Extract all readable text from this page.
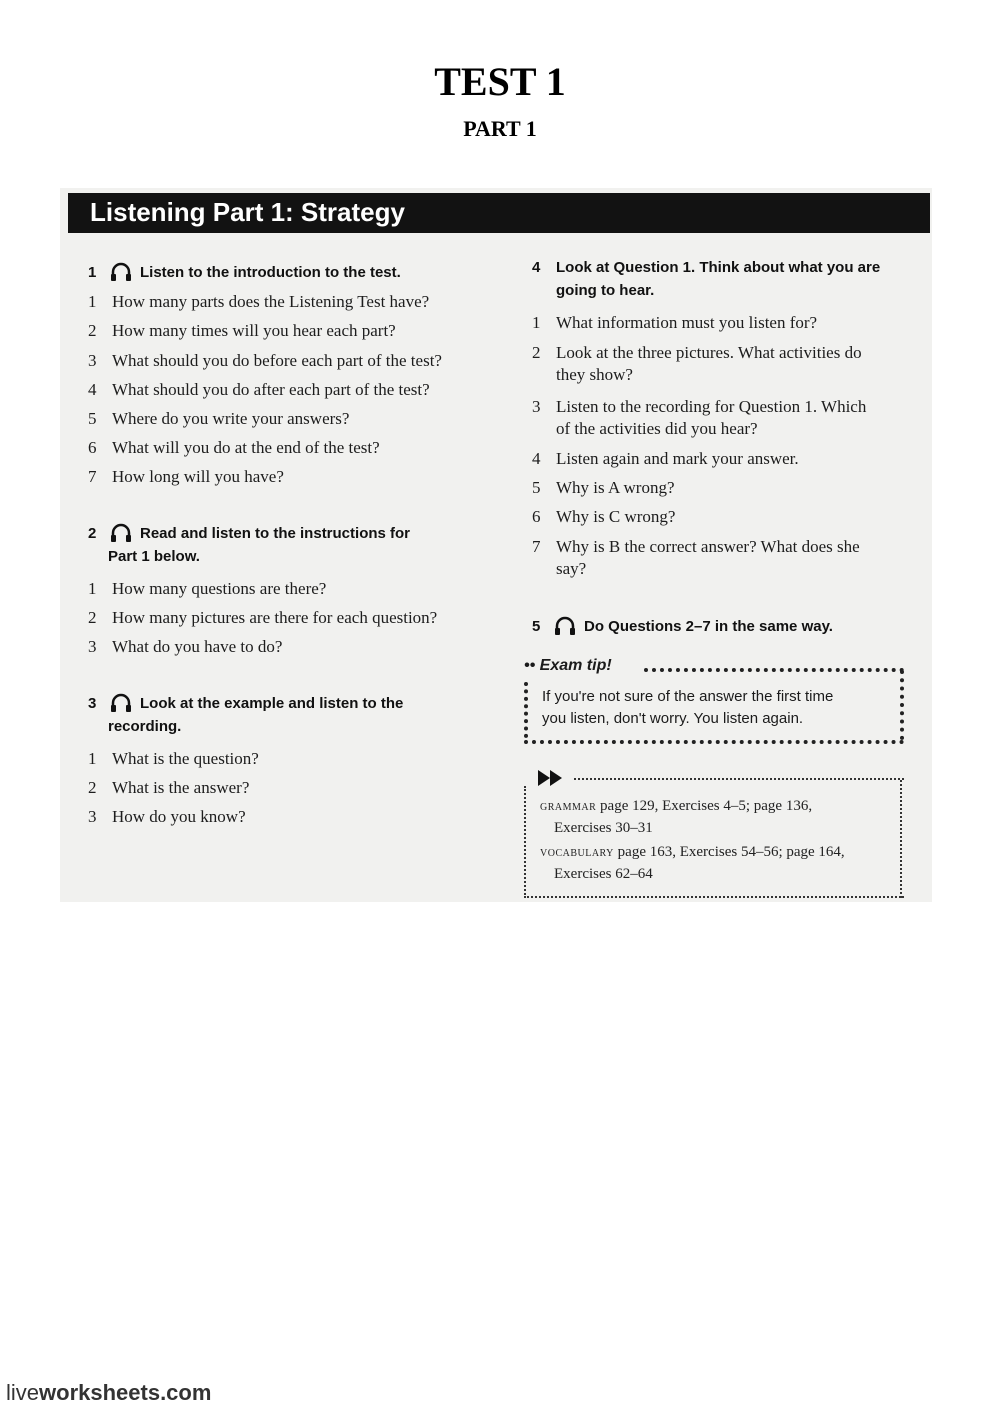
TEST 1
PART 1
Listening Part 1: Strategy
1	Listen to the introduction to the test.
1 How many parts does the Listening Test have?
2 How many times will you hear each part?
3 What should you do before each part of the test?
4 What should you do after each part of the test?
5 Where do you write your answers?
6 What will you do at the end of the test?
7 How long will you have?
2	Read and listen to the instructions for
Part 1 below.
1 How many questions are there?
2 How many pictures are there for each question?
3 What do you have to do?
3	Look at the example and listen to the
recording.
1 What is the question?
2 What is the answer?
3 How do you know?
4 Look at Question 1. Think about what you are
going to hear.
1 What information must you listen for?
2 Look at the three pictures. What activities do
they show?
3 Listen to the recording for Question 1. Which
of the activities did you hear?
4 Listen again and mark your answer.
5 Why is A wrong?
6 Why is C wrong?
7 Why is B the correct answer? What does she
say?
5	Do Questions 2–7 in the same way.
•• Exam tip!
If you're not sure of the answer the first time
you listen, don't worry. You listen again.
GRAMMAR page 129, Exercises 4–5; page 136,
Exercises 30–31
VOCABULARY page 163, Exercises 54–56; page 164,
Exercises 62–64
liveworksheets.com
